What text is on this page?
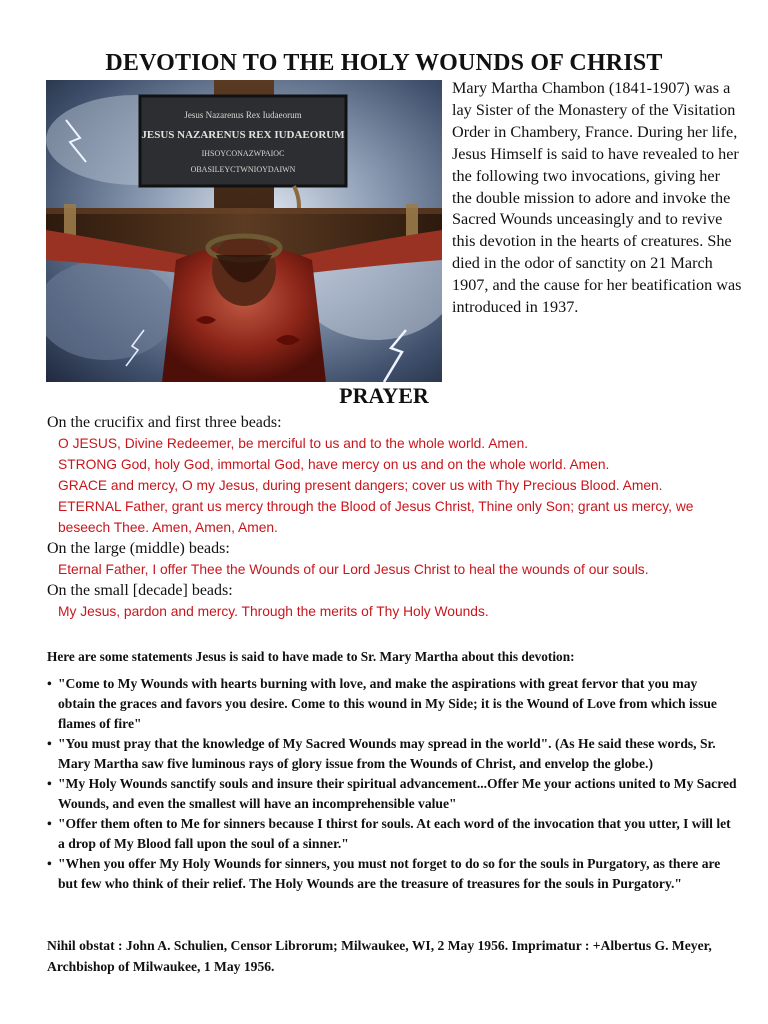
DEVOTION TO THE HOLY WOUNDS OF CHRIST
Jesus Nazarenus Rex Iudaeorum
JESUS NAZARENUS REX IUDAEORUM
IHSOYCONAZWPAIOC
OBASILEYCTWNIOYDAIWN
Mary Martha Chambon (1841-1907) was a lay Sister of the Monastery of the Visitation Order in Chambery, France. During her life, Jesus Himself is said to have revealed to her the following two invocations, giving her the double mission to adore and invoke the Sacred Wounds unceasingly and to revive this devotion in the hearts of creatures. She died in the odor of sanctity on 21 March 1907, and the cause for her beatification was introduced in 1937.
PRAYER
On the crucifix and first three beads:
O JESUS, Divine Redeemer, be merciful to us and to the whole world. Amen.
STRONG God, holy God, immortal God, have mercy on us and on the whole world. Amen.
GRACE and mercy, O my Jesus, during present dangers; cover us with Thy Precious Blood. Amen.
ETERNAL Father, grant us mercy through the Blood of Jesus Christ, Thine only Son; grant us mercy, we beseech Thee. Amen, Amen, Amen.
On the large (middle) beads:
Eternal Father, I offer Thee the Wounds of our Lord Jesus Christ to heal the wounds of our souls.
On the small [decade] beads:
My Jesus, pardon and mercy. Through the merits of Thy Holy Wounds.
Here are some statements Jesus is said to have made to Sr. Mary Martha about this devotion:
• "Come to My Wounds with hearts burning with love, and make the aspirations with great fervor that you may obtain the graces and favors you desire. Come to this wound in My Side; it is the Wound of Love from which issue flames of fire"
• "You must pray that the knowledge of My Sacred Wounds may spread in the world". (As He said these words, Sr. Mary Martha saw five luminous rays of glory issue from the Wounds of Christ, and envelop the globe.)
• "My Holy Wounds sanctify souls and insure their spiritual advancement...Offer Me your actions united to My Sacred Wounds, and even the smallest will have an incomprehensible value"
• "Offer them often to Me for sinners because I thirst for souls. At each word of the invocation that you utter, I will let a drop of My Blood fall upon the soul of a sinner."
• "When you offer My Holy Wounds for sinners, you must not forget to do so for the souls in Purgatory, as there are but few who think of their relief. The Holy Wounds are the treasure of treasures for the souls in Purgatory."
Nihil obstat : John A. Schulien, Censor Librorum; Milwaukee, WI, 2 May 1956. Imprimatur : +Albertus G. Meyer, Archbishop of Milwaukee, 1 May 1956.
